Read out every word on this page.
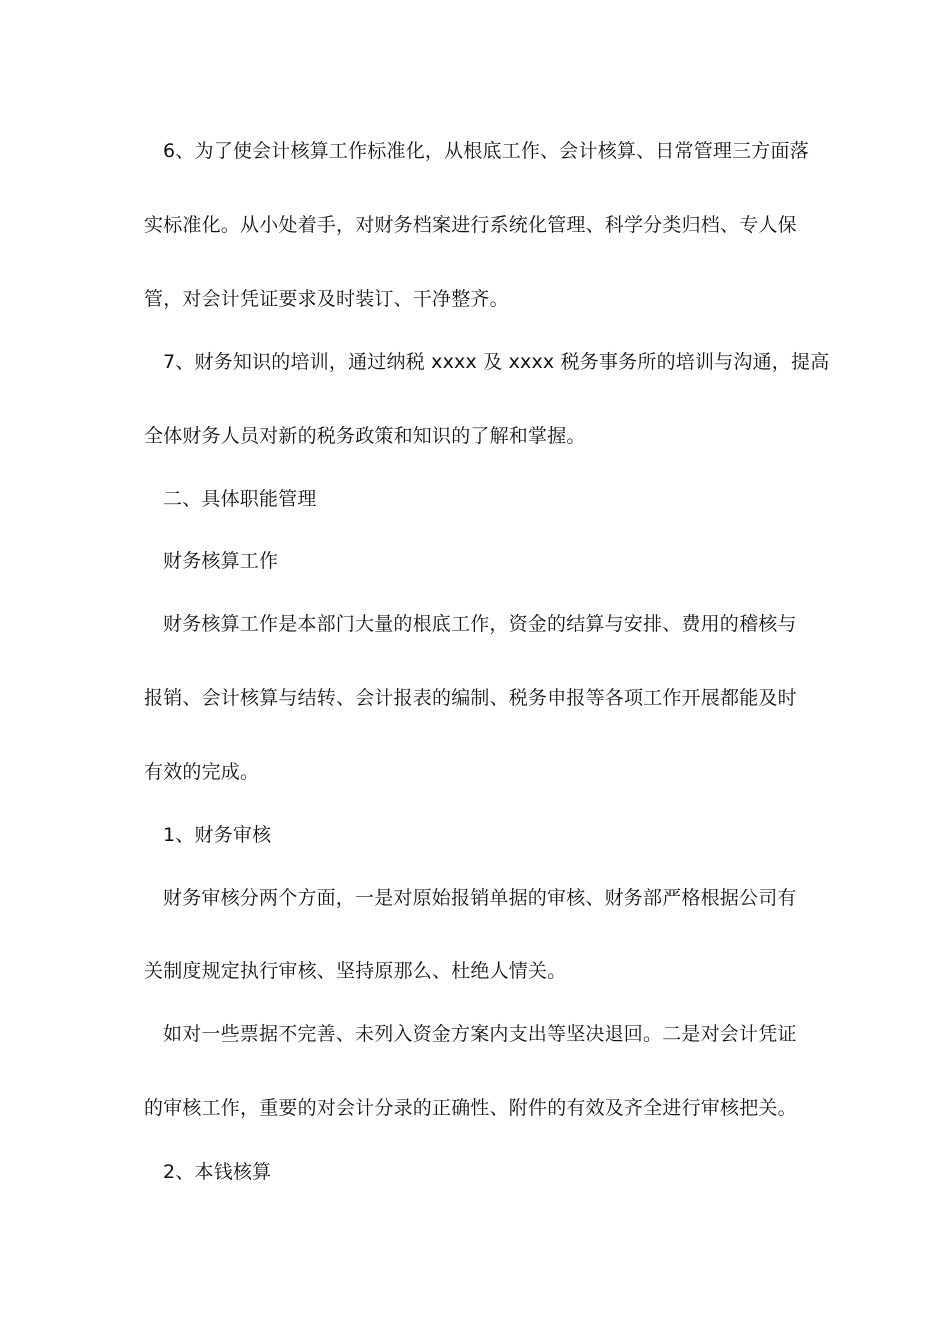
6、为了使会计核算工作标准化，从根底工作、会计核算、日常管理三方面落
实标准化。从小处着手，对财务档案进行系统化管理、科学分类归档、专人保
管，对会计凭证要求及时装订、干净整齐。
7、财务知识的培训，通过纳税 xxxx 及 xxxx 税务事务所的培训与沟通，提高
全体财务人员对新的税务政策和知识的了解和掌握。
二、具体职能管理
财务核算工作
财务核算工作是本部门大量的根底工作，资金的结算与安排、费用的稽核与
报销、会计核算与结转、会计报表的编制、税务申报等各项工作开展都能及时
有效的完成。
1、财务审核
财务审核分两个方面，一是对原始报销单据的审核、财务部严格根据公司有
关制度规定执行审核、坚持原那么、杜绝人情关。
如对一些票据不完善、未列入资金方案内支出等坚决退回。二是对会计凭证
的审核工作，重要的对会计分录的正确性、附件的有效及齐全进行审核把关。
2、本钱核算
